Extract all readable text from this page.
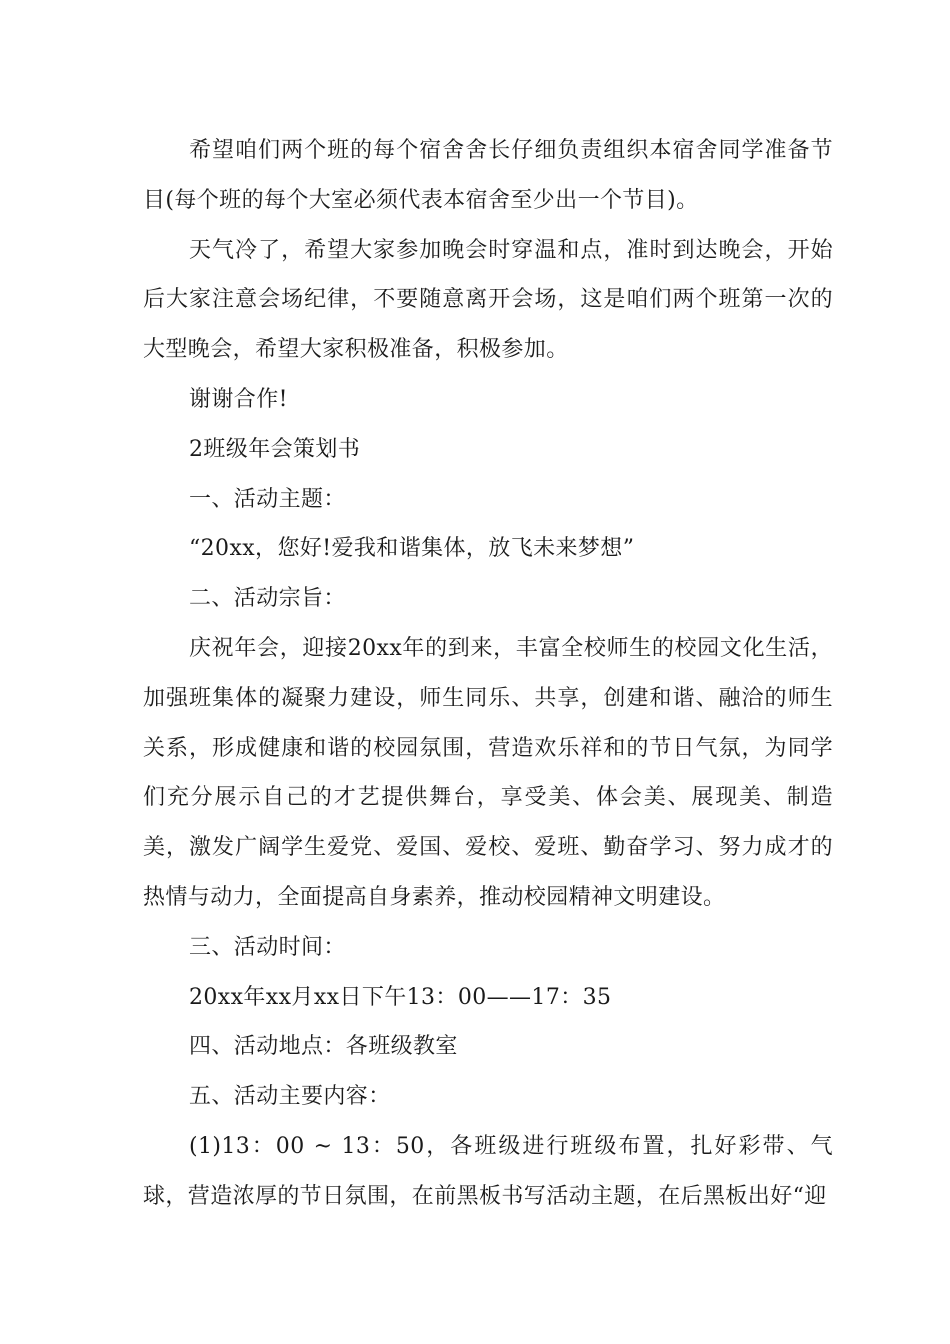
希望咱们两个班的每个宿舍舍长仔细负责组织本宿舍同学准备节目(每个班的每个大室必须代表本宿舍至少出一个节目)。

天气冷了，希望大家参加晚会时穿温和点，准时到达晚会，开始后大家注意会场纪律，不要随意离开会场，这是咱们两个班第一次的大型晚会，希望大家积极准备，积极参加。

谢谢合作!

2班级年会策划书

一、活动主题：

“20xx，您好!爱我和谐集体，放飞未来梦想”

二、活动宗旨：

庆祝年会，迎接20xx年的到来，丰富全校师生的校园文化生活，加强班集体的凝聚力建设，师生同乐、共享，创建和谐、融洽的师生关系，形成健康和谐的校园氛围，营造欢乐祥和的节日气氛，为同学们充分展示自己的才艺提供舞台，享受美、体会美、展现美、制造美，激发广阔学生爱党、爱国、爱校、爱班、勤奋学习、努力成才的热情与动力，全面提高自身素养，推动校园精神文明建设。

三、活动时间：

20xx年xx月xx日下午13：00——17：35

四、活动地点：各班级教室

五、活动主要内容：

(1)13：00 ~ 13：50，各班级进行班级布置，扎好彩带、气球，营造浓厚的节日氛围，在前黑板书写活动主题，在后黑板出好“迎
